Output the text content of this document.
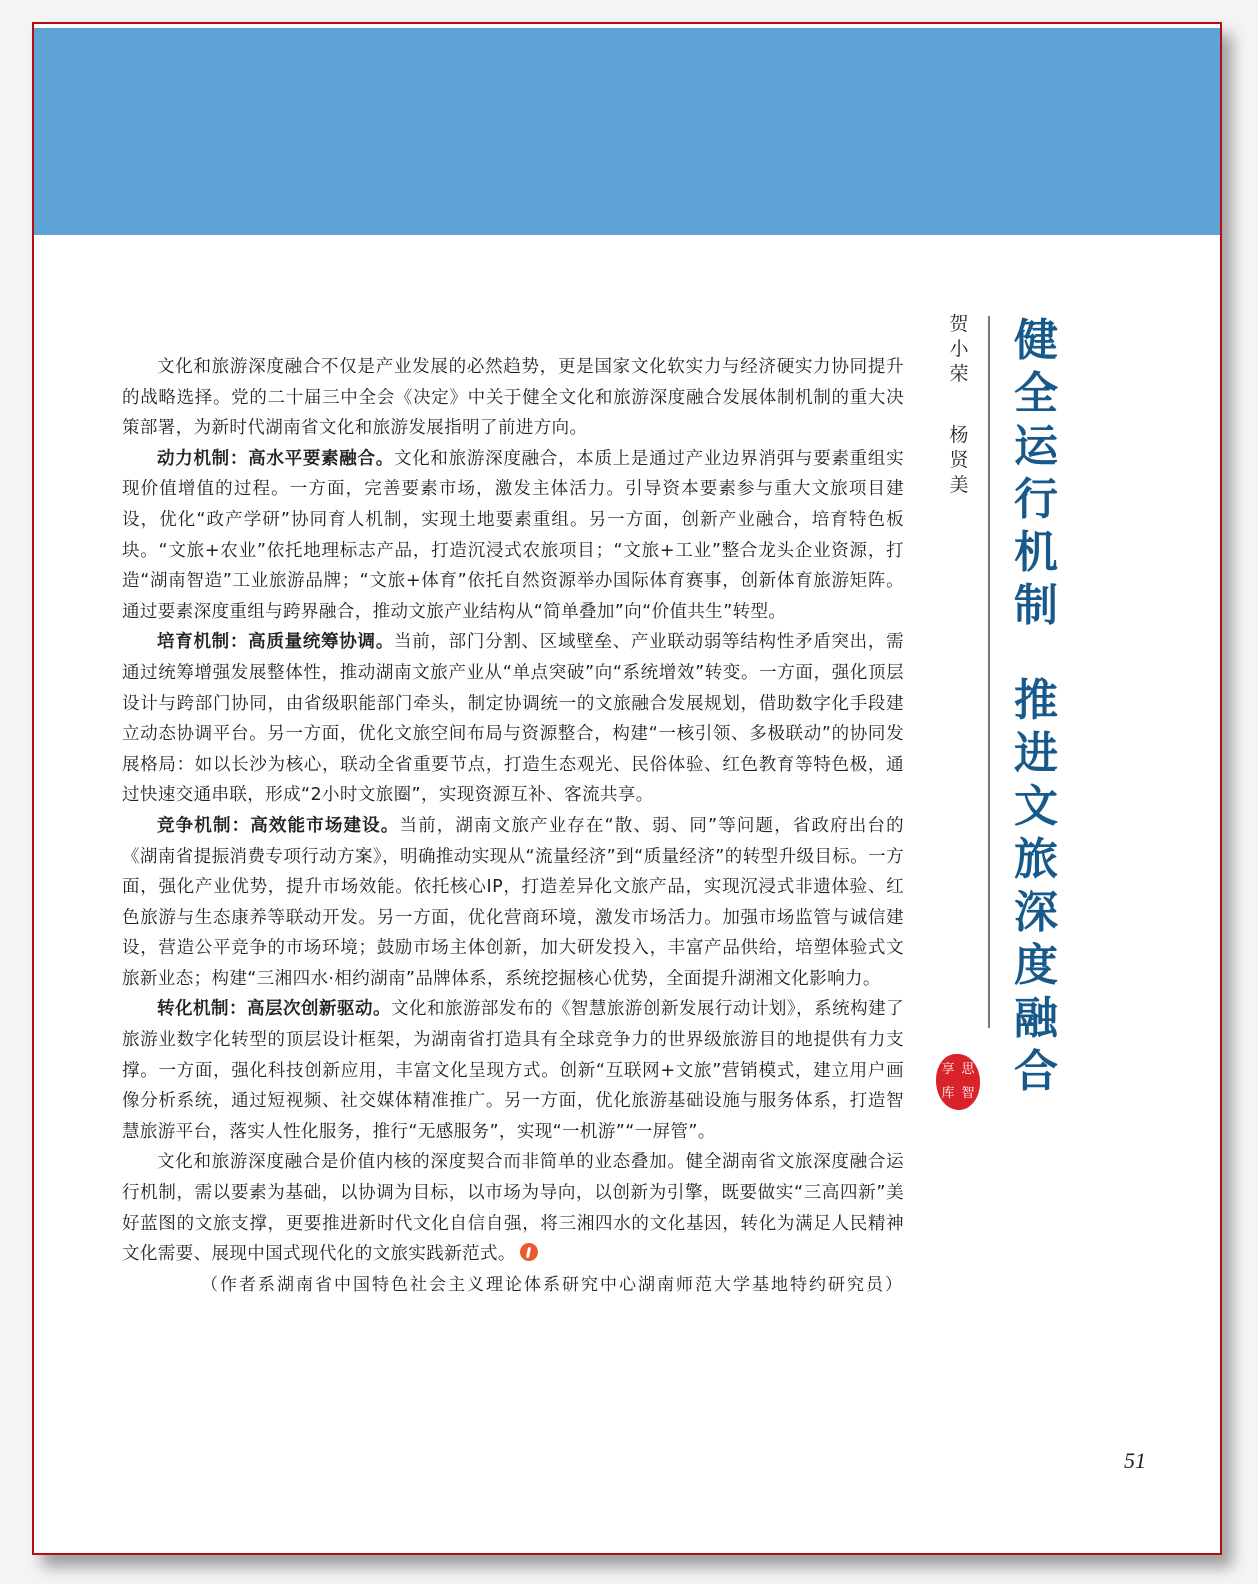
贺
小
荣
杨
贤
美
健
全
运
行
机
制
推
进
文
旅
深
度
融
合
享 思
库 智

文化和旅游深度融合不仅是产业发展的必然趋势，更是国家文化软实力与经济硬实力协同提升的战略选择。党的二十届三中全会《决定》中关于健全文化和旅游深度融合发展体制机制的重大决策部署，为新时代湖南省文化和旅游发展指明了前进方向。

动力机制：高水平要素融合。文化和旅游深度融合，本质上是通过产业边界消弭与要素重组实现价值增值的过程。一方面，完善要素市场，激发主体活力。引导资本要素参与重大文旅项目建设，优化“政产学研”协同育人机制，实现土地要素重组。另一方面，创新产业融合，培育特色板块。“文旅+农业”依托地理标志产品，打造沉浸式农旅项目；“文旅+工业”整合龙头企业资源，打造“湖南智造”工业旅游品牌；“文旅+体育”依托自然资源举办国际体育赛事，创新体育旅游矩阵。通过要素深度重组与跨界融合，推动文旅产业结构从“简单叠加”向“价值共生”转型。

培育机制：高质量统筹协调。当前，部门分割、区域壁垒、产业联动弱等结构性矛盾突出，需通过统筹增强发展整体性，推动湖南文旅产业从“单点突破”向“系统增效”转变。一方面，强化顶层设计与跨部门协同，由省级职能部门牵头，制定协调统一的文旅融合发展规划，借助数字化手段建立动态协调平台。另一方面，优化文旅空间布局与资源整合，构建“一核引领、多极联动”的协同发展格局：如以长沙为核心，联动全省重要节点，打造生态观光、民俗体验、红色教育等特色极，通过快速交通串联，形成“2小时文旅圈”，实现资源互补、客流共享。

竞争机制：高效能市场建设。当前，湖南文旅产业存在“散、弱、同”等问题，省政府出台的《湖南省提振消费专项行动方案》，明确推动实现从“流量经济”到“质量经济”的转型升级目标。一方面，强化产业优势，提升市场效能。依托核心IP，打造差异化文旅产品，实现沉浸式非遗体验、红色旅游与生态康养等联动开发。另一方面，优化营商环境，激发市场活力。加强市场监管与诚信建设，营造公平竞争的市场环境；鼓励市场主体创新，加大研发投入，丰富产品供给，培塑体验式文旅新业态；构建“三湘四水·相约湖南”品牌体系，系统挖掘核心优势，全面提升湖湘文化影响力。

转化机制：高层次创新驱动。文化和旅游部发布的《智慧旅游创新发展行动计划》，系统构建了旅游业数字化转型的顶层设计框架，为湖南省打造具有全球竞争力的世界级旅游目的地提供有力支撑。一方面，强化科技创新应用，丰富文化呈现方式。创新“互联网+文旅”营销模式，建立用户画像分析系统，通过短视频、社交媒体精准推广。另一方面，优化旅游基础设施与服务体系，打造智慧旅游平台，落实人性化服务，推行“无感服务”，实现“一机游”“一屏管”。

文化和旅游深度融合是价值内核的深度契合而非简单的业态叠加。健全湖南省文旅深度融合运行机制，需以要素为基础，以协调为目标，以市场为导向，以创新为引擎，既要做实“三高四新”美好蓝图的文旅支撑，更要推进新时代文化自信自强，将三湘四水的文化基因，转化为满足人民精神文化需要、展现中国式现代化的文旅实践新范式。

（作者系湖南省中国特色社会主义理论体系研究中心湖南师范大学基地特约研究员）

51
